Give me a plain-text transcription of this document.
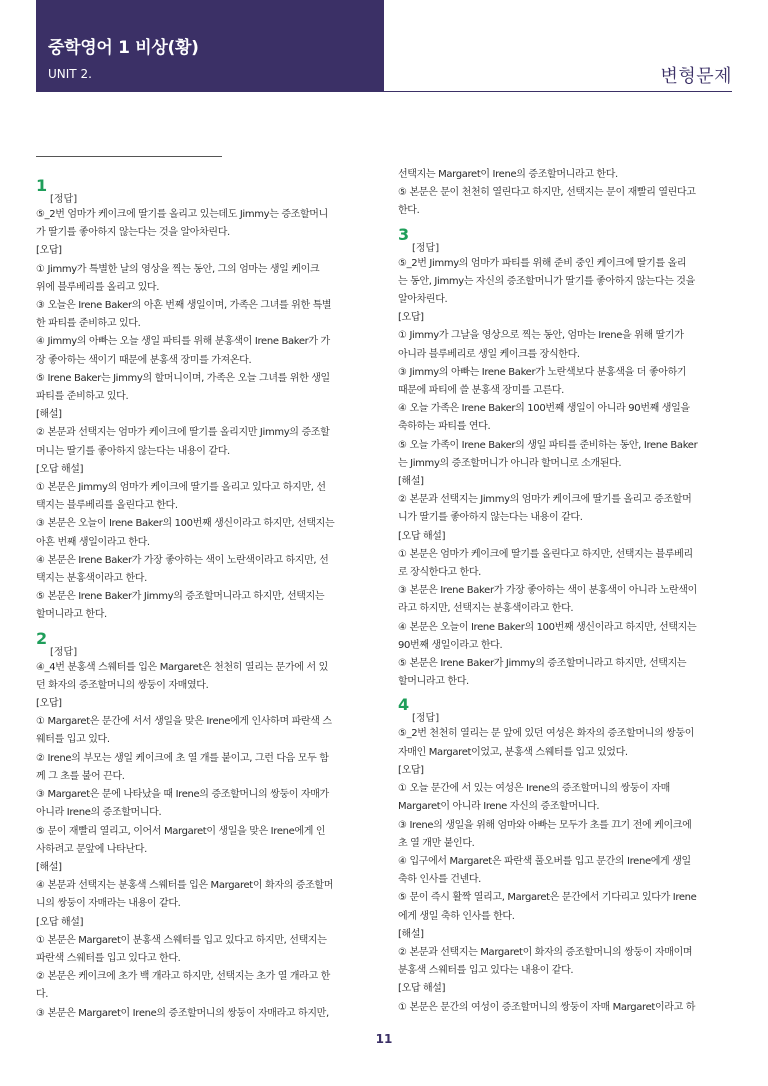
중학영어 1 비상(황)
UNIT 2.	변형문제
1
[정답]
⑤_2번 엄마가 케이크에 딸기를 올리고 있는데도 Jimmy는 증조할머니
가 딸기를 좋아하지 않는다는 것을 알아차린다.
[오답]
① Jimmy가 특별한 날의 영상을 찍는 동안, 그의 엄마는 생일 케이크
위에 블루베리를 올리고 있다.
③ 오늘은 Irene Baker의 아흔 번째 생일이며, 가족은 그녀를 위한 특별
한 파티를 준비하고 있다.
④ Jimmy의 아빠는 오늘 생일 파티를 위해 분홍색이 Irene Baker가 가
장 좋아하는 색이기 때문에 분홍색 장미를 가져온다.
⑤ Irene Baker는 Jimmy의 할머니이며, 가족은 오늘 그녀를 위한 생일
파티를 준비하고 있다.
[해설]
② 본문과 선택지는 엄마가 케이크에 딸기를 올리지만 Jimmy의 증조할
머니는 딸기를 좋아하지 않는다는 내용이 같다.
[오답 해설]
① 본문은 Jimmy의 엄마가 케이크에 딸기를 올리고 있다고 하지만, 선
택지는 블루베리를 올린다고 한다.
③ 본문은 오늘이 Irene Baker의 100번째 생신이라고 하지만, 선택지는
아흔 번째 생일이라고 한다.
④ 본문은 Irene Baker가 가장 좋아하는 색이 노란색이라고 하지만, 선
택지는 분홍색이라고 한다.
⑤ 본문은 Irene Baker가 Jimmy의 증조할머니라고 하지만, 선택지는
할머니라고 한다.
2
[정답]
④_4번 분홍색 스웨터를 입은 Margaret은 천천히 열리는 문가에 서 있
던 화자의 증조할머니의 쌍둥이 자매였다.
[오답]
① Margaret은 문간에 서서 생일을 맞은 Irene에게 인사하며 파란색 스
웨터를 입고 있다.
② Irene의 부모는 생일 케이크에 초 열 개를 붙이고, 그런 다음 모두 함
께 그 초를 불어 끈다.
③ Margaret은 문에 나타났을 때 Irene의 증조할머니의 쌍둥이 자매가
아니라 Irene의 증조할머니다.
⑤ 문이 재빨리 열리고, 이어서 Margaret이 생일을 맞은 Irene에게 인
사하려고 문앞에 나타난다.
[해설]
④ 본문과 선택지는 분홍색 스웨터를 입은 Margaret이 화자의 증조할머
니의 쌍둥이 자매라는 내용이 같다.
[오답 해설]
① 본문은 Margaret이 분홍색 스웨터를 입고 있다고 하지만, 선택지는
파란색 스웨터를 입고 있다고 한다.
② 본문은 케이크에 초가 백 개라고 하지만, 선택지는 초가 열 개라고 한
다.
③ 본문은 Margaret이 Irene의 증조할머니의 쌍둥이 자매라고 하지만,
선택지는 Margaret이 Irene의 증조할머니라고 한다.
⑤ 본문은 문이 천천히 열린다고 하지만, 선택지는 문이 재빨리 열린다고
한다.
3
[정답]
⑤_2번 Jimmy의 엄마가 파티를 위해 준비 중인 케이크에 딸기를 올리
는 동안, Jimmy는 자신의 증조할머니가 딸기를 좋아하지 않는다는 것을
알아차린다.
[오답]
① Jimmy가 그날을 영상으로 찍는 동안, 엄마는 Irene을 위해 딸기가
아니라 블루베리로 생일 케이크를 장식한다.
③ Jimmy의 아빠는 Irene Baker가 노란색보다 분홍색을 더 좋아하기
때문에 파티에 쓸 분홍색 장미를 고른다.
④ 오늘 가족은 Irene Baker의 100번째 생일이 아니라 90번째 생일을
축하하는 파티를 연다.
⑤ 오늘 가족이 Irene Baker의 생일 파티를 준비하는 동안, Irene Baker
는 Jimmy의 증조할머니가 아니라 할머니로 소개된다.
[해설]
② 본문과 선택지는 Jimmy의 엄마가 케이크에 딸기를 올리고 증조할머
니가 딸기를 좋아하지 않는다는 내용이 같다.
[오답 해설]
① 본문은 엄마가 케이크에 딸기를 올린다고 하지만, 선택지는 블루베리
로 장식한다고 한다.
③ 본문은 Irene Baker가 가장 좋아하는 색이 분홍색이 아니라 노란색이
라고 하지만, 선택지는 분홍색이라고 한다.
④ 본문은 오늘이 Irene Baker의 100번째 생신이라고 하지만, 선택지는
90번째 생일이라고 한다.
⑤ 본문은 Irene Baker가 Jimmy의 증조할머니라고 하지만, 선택지는
할머니라고 한다.
4
[정답]
⑤_2번 천천히 열리는 문 앞에 있던 여성은 화자의 증조할머니의 쌍둥이
자매인 Margaret이었고, 분홍색 스웨터를 입고 있었다.
[오답]
① 오늘 문간에 서 있는 여성은 Irene의 증조할머니의 쌍둥이 자매
Margaret이 아니라 Irene 자신의 증조할머니다.
③ Irene의 생일을 위해 엄마와 아빠는 모두가 초를 끄기 전에 케이크에
초 열 개만 붙인다.
④ 입구에서 Margaret은 파란색 풀오버를 입고 문간의 Irene에게 생일
축하 인사를 건넨다.
⑤ 문이 즉시 활짝 열리고, Margaret은 문간에서 기다리고 있다가 Irene
에게 생일 축하 인사를 한다.
[해설]
② 본문과 선택지는 Margaret이 화자의 증조할머니의 쌍둥이 자매이며
분홍색 스웨터를 입고 있다는 내용이 같다.
[오답 해설]
① 본문은 문간의 여성이 증조할머니의 쌍둥이 자매 Margaret이라고 하
11
